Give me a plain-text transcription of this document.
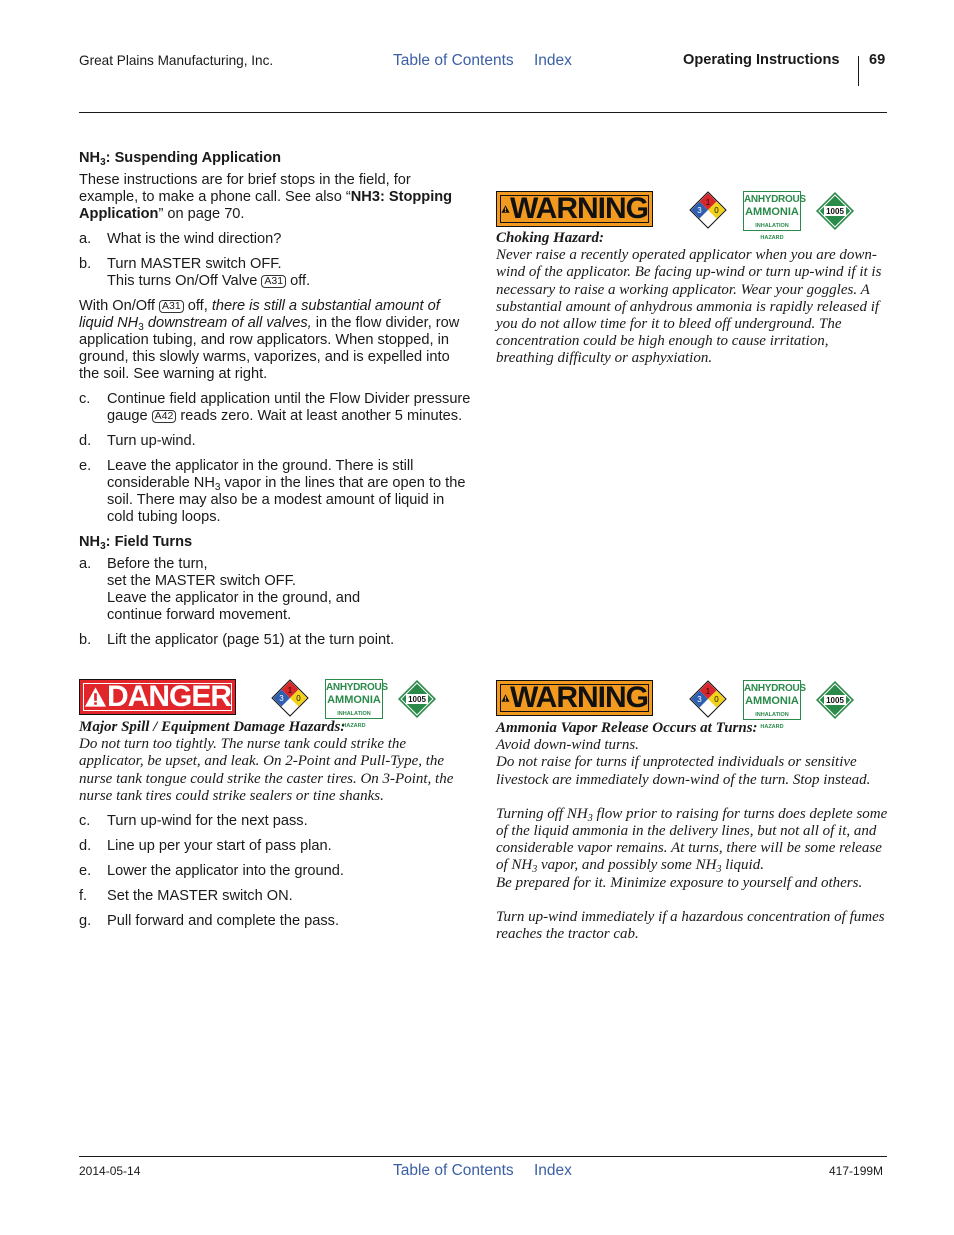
Great Plains Manufacturing, Inc.	Table of Contents Index	Operating Instructions 69
$NH_3$: Suspending Application

These instructions are for brief stops in the field, for example, to make a phone call. See also “NH3: Stopping Application” on page 70.

a. What is the wind direction?
b. Turn MASTER switch OFF.
This turns On/Off Valve A31 off.

With On/Off A31 off, there is still a substantial amount of liquid $NH_3$ downstream of all valves, in the flow divider, row application tubing, and row applicators. When stopped, in ground, this slowly warms, vaporizes, and is expelled into the soil. See warning at right.

c. Continue field application until the Flow Divider pressure gauge A42 reads zero. Wait at least another 5 minutes.
d. Turn up-wind.
e. Leave the applicator in the ground. There is still considerable $NH_3$ vapor in the lines that are open to the soil. There may also be a modest amount of liquid in cold tubing loops.
$NH_3$: Field Turns
a. Before the turn,
set the MASTER switch OFF.
Leave the applicator in the ground, and
continue forward movement.
b. Lift the applicator (page 51) at the turn point.
DANGER	1
3 0
ANHYDROUS
AMMONIA
INHALATION HAZARD
1005

Major Spill / Equipment Damage Hazards:

Do not turn too tightly. The nurse tank could strike the applicator, be upset, and leak. On 2-Point and Pull-Type, the nurse tank tongue could strike the caster tires. On 3-Point, the nurse tank tires could strike sealers or tine shanks.

c. Turn up-wind for the next pass.
d. Line up per your start of pass plan.
e. Lower the applicator into the ground.
f. Set the MASTER switch ON.
g. Pull forward and complete the pass.
WARNING	1
3 0
ANHYDROUS
AMMONIA
INHALATION HAZARD
1005

Choking Hazard:

Never raise a recently operated applicator when you are down-wind of the applicator. Be facing up-wind or turn up-wind if it is necessary to raise a working applicator. Wear your goggles. A substantial amount of anhydrous ammonia is rapidly released if you do not allow time for it to bleed off underground. The concentration could be high enough to cause irritation, breathing difficulty or asphyxiation.

WARNING	1
3 0
ANHYDROUS
AMMONIA
INHALATION HAZARD
1005

Ammonia Vapor Release Occurs at Turns:

Avoid down-wind turns.

Do not raise for turns if unprotected individuals or sensitive livestock are immediately down-wind of the turn. Stop instead.

Turning off $NH_3$ flow prior to raising for turns does deplete some of the liquid ammonia in the delivery lines, but not all of it, and considerable vapor remains. At turns, there will be some release of $NH_3$ vapor, and possibly some $NH_3$ liquid.

Be prepared for it. Minimize exposure to yourself and others.

Turn up-wind immediately if a hazardous concentration of fumes reaches the tractor cab.

2014-05-14	Table of Contents Index	417-199M
